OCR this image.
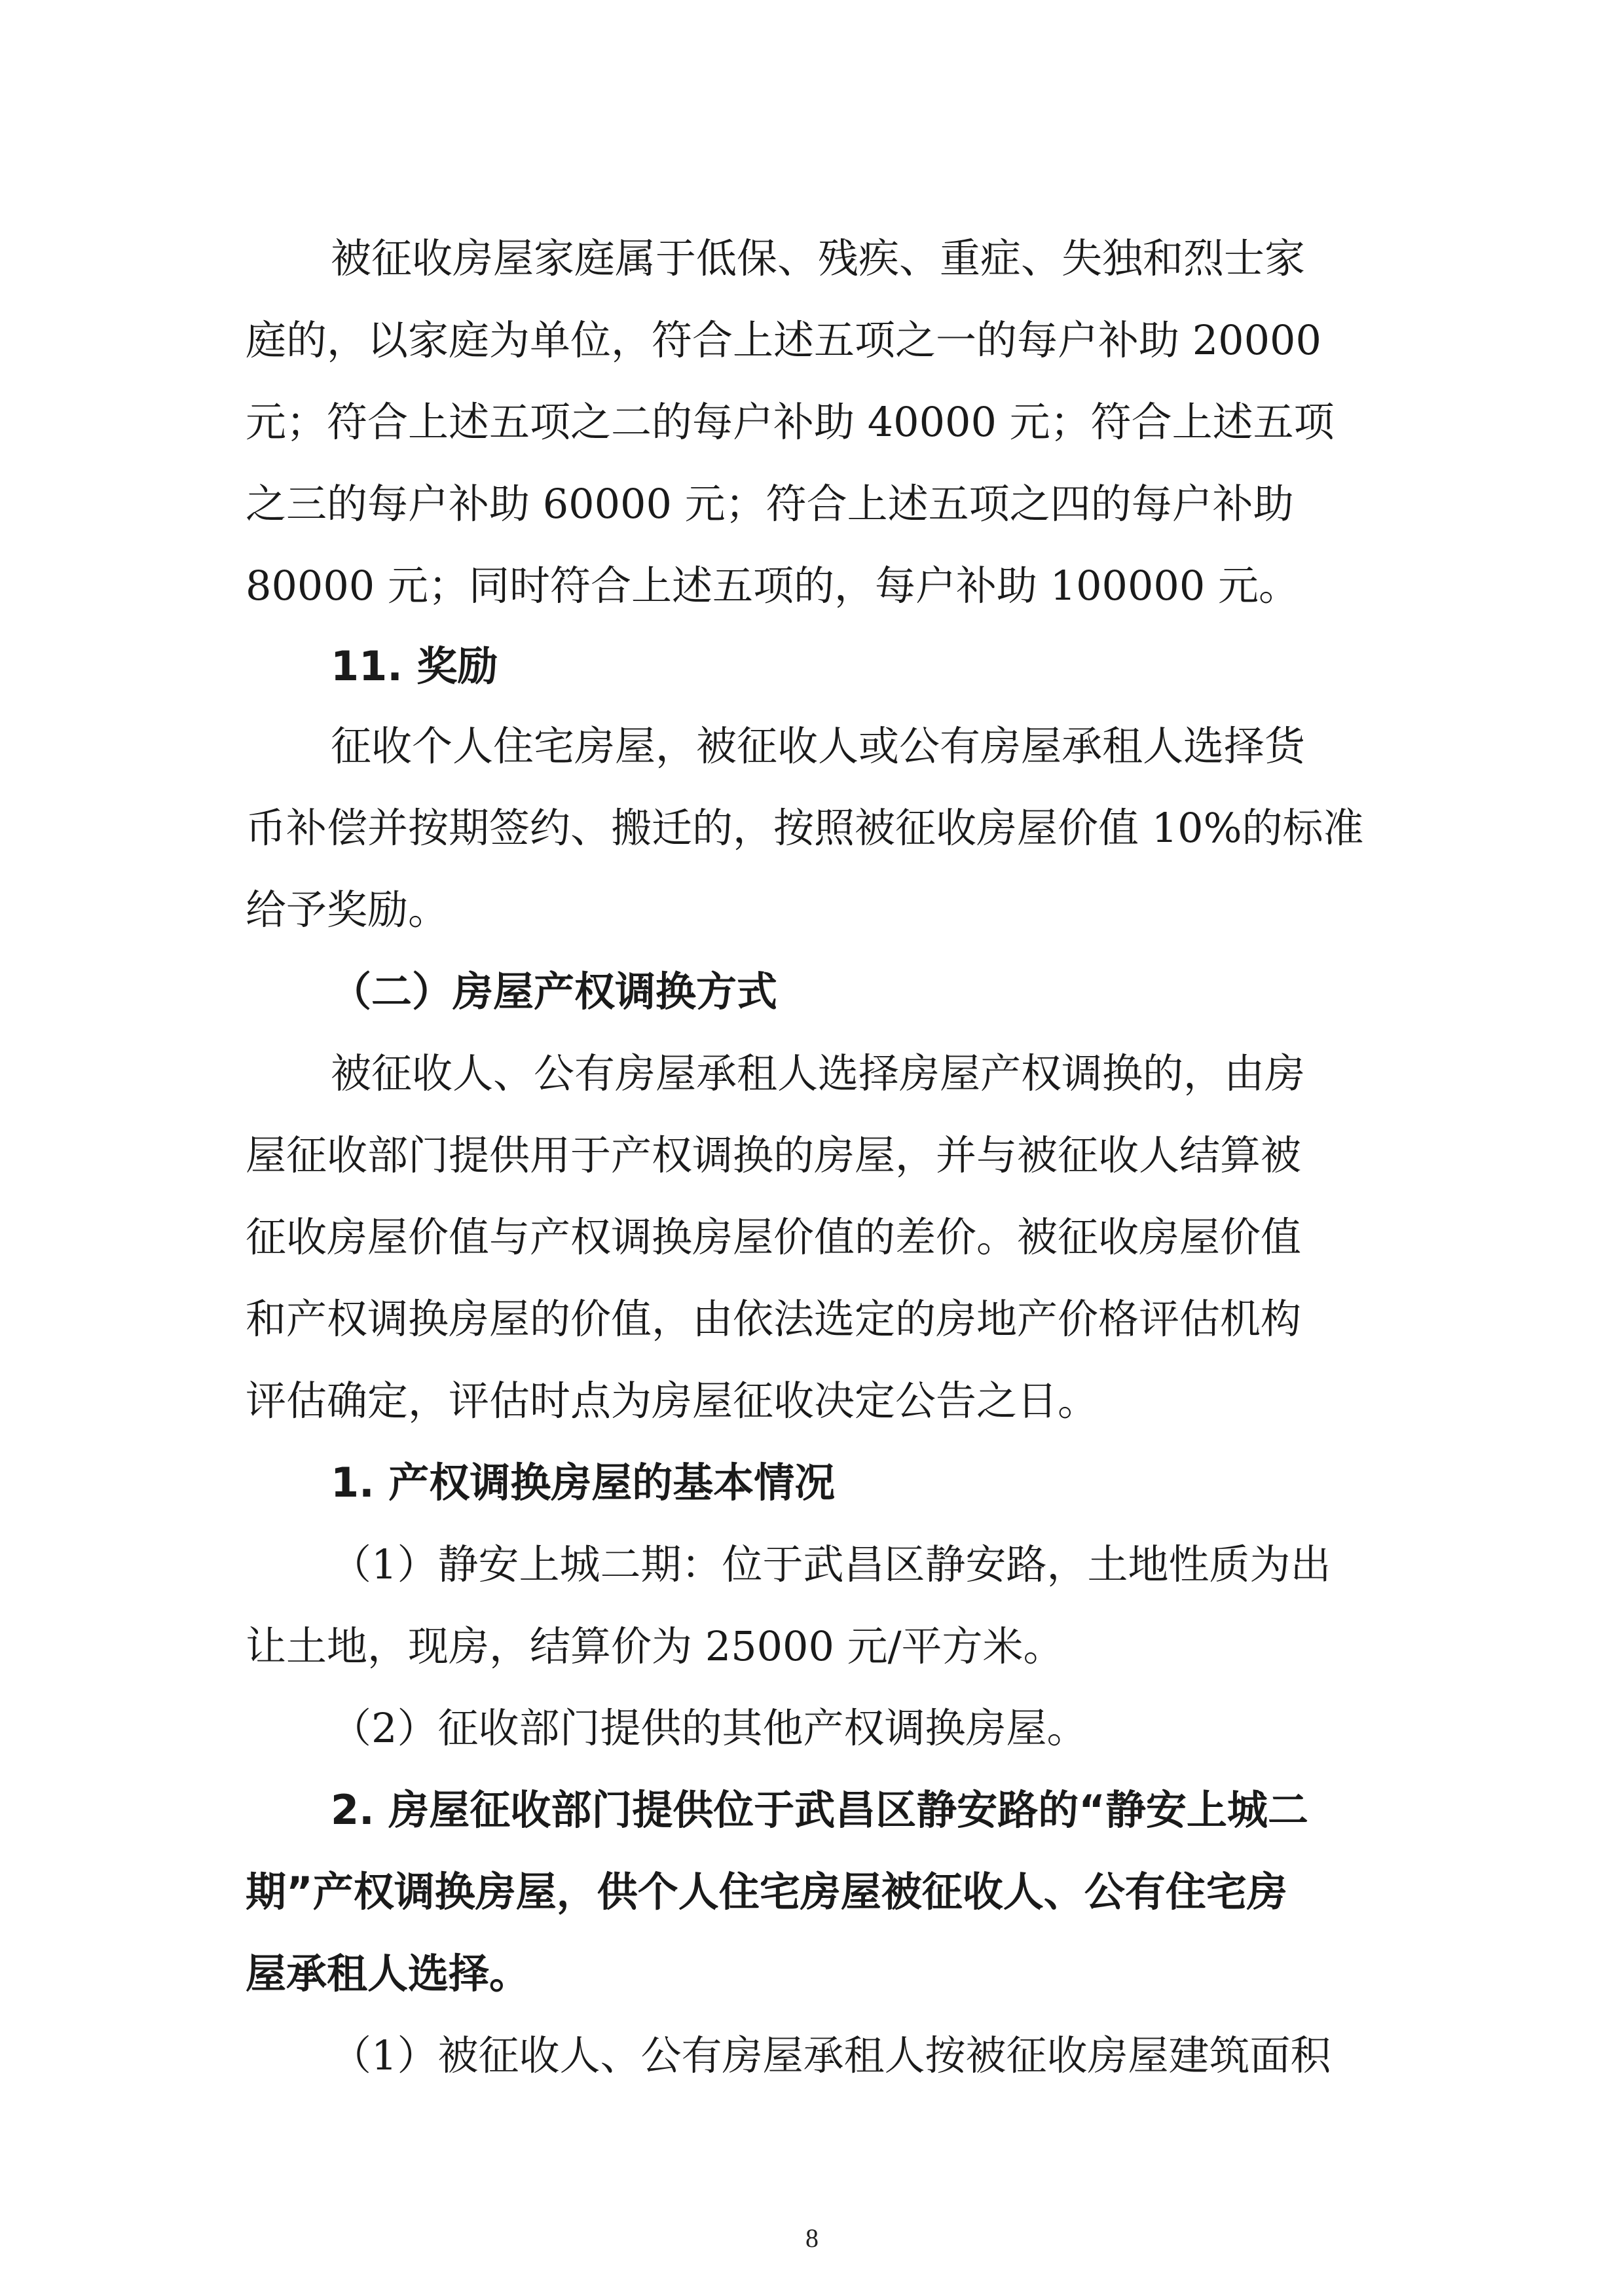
被征收房屋家庭属于低保、残疾、重症、失独和烈士家
庭的，以家庭为单位，符合上述五项之一的每户补助 20000
元；符合上述五项之二的每户补助 40000 元；符合上述五项
之三的每户补助 60000 元；符合上述五项之四的每户补助
80000 元；同时符合上述五项的，每户补助 100000 元。
11. 奖励
征收个人住宅房屋，被征收人或公有房屋承租人选择货
币补偿并按期签约、搬迁的，按照被征收房屋价值 10%的标准
给予奖励。
（二）房屋产权调换方式
被征收人、公有房屋承租人选择房屋产权调换的，由房
屋征收部门提供用于产权调换的房屋，并与被征收人结算被
征收房屋价值与产权调换房屋价值的差价。被征收房屋价值
和产权调换房屋的价值，由依法选定的房地产价格评估机构
评估确定，评估时点为房屋征收决定公告之日。
1. 产权调换房屋的基本情况
（1）静安上城二期：位于武昌区静安路，土地性质为出
让土地，现房，结算价为 25000 元/平方米。
（2）征收部门提供的其他产权调换房屋。
2. 房屋征收部门提供位于武昌区静安路的“静安上城二
期”产权调换房屋，供个人住宅房屋被征收人、公有住宅房
屋承租人选择。
（1）被征收人、公有房屋承租人按被征收房屋建筑面积
8
